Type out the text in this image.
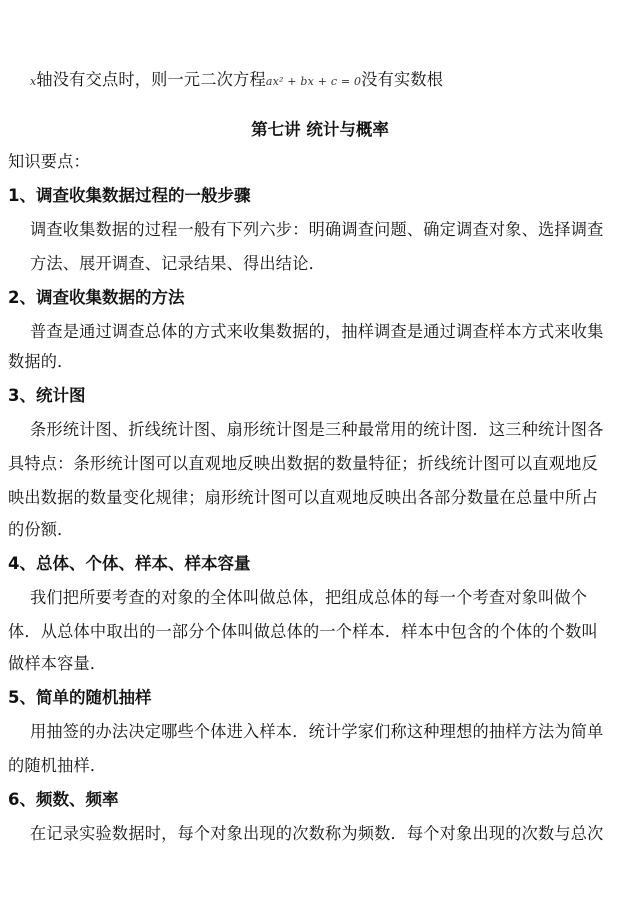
x轴没有交点时，则一元二次方程ax² + bx + c = 0没有实数根
第七讲 统计与概率
知识要点：
1、调查收集数据过程的一般步骤
调查收集数据的过程一般有下列六步：明确调查问题、确定调查对象、选择调查
方法、展开调查、记录结果、得出结论．
2、调查收集数据的方法
普查是通过调查总体的方式来收集数据的，抽样调查是通过调查样本方式来收集
数据的．
3、统计图
条形统计图、折线统计图、扇形统计图是三种最常用的统计图．这三种统计图各
具特点：条形统计图可以直观地反映出数据的数量特征；折线统计图可以直观地反
映出数据的数量变化规律；扇形统计图可以直观地反映出各部分数量在总量中所占
的份额．
4、总体、个体、样本、样本容量
我们把所要考查的对象的全体叫做总体，把组成总体的每一个考查对象叫做个
体．从总体中取出的一部分个体叫做总体的一个样本．样本中包含的个体的个数叫
做样本容量．
5、简单的随机抽样
用抽签的办法决定哪些个体进入样本．统计学家们称这种理想的抽样方法为简单
的随机抽样．
6、频数、频率
在记录实验数据时，每个对象出现的次数称为频数．每个对象出现的次数与总次
